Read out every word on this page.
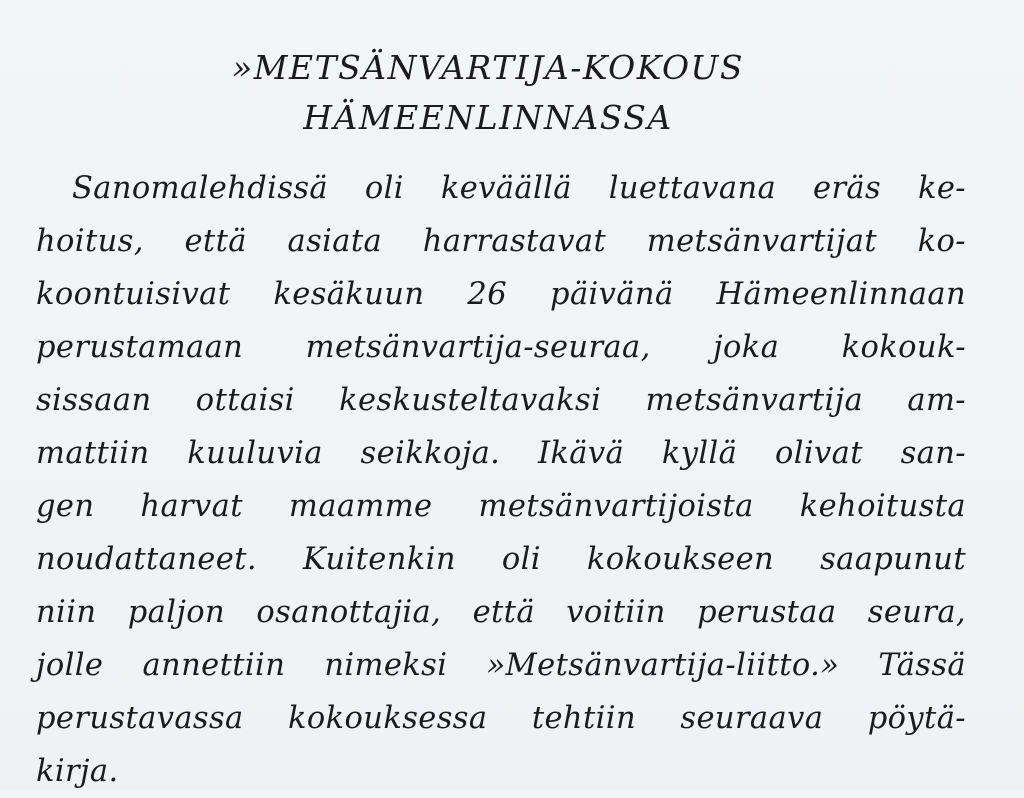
»METSÄNVARTIJA-KOKOUS
HÄMEENLINNASSA
Sanomalehdissä oli keväällä luettavana eräs ke-
hoitus, että asiata harrastavat metsänvartijat ko-
koontuisivat kesäkuun 26 päivänä Hämeenlinnaan
perustamaan metsänvartija-seuraa, joka kokouk-
sissaan ottaisi keskusteltavaksi metsänvartija am-
mattiin kuuluvia seikkoja. Ikävä kyllä olivat san-
gen harvat maamme metsänvartijoista kehoitusta
noudattaneet. Kuitenkin oli kokoukseen saapunut
niin paljon osanottajia, että voitiin perustaa seura,
jolle annettiin nimeksi »Metsänvartija-liitto.» Tässä
perustavassa kokouksessa tehtiin seuraava pöytä-
kirja.
